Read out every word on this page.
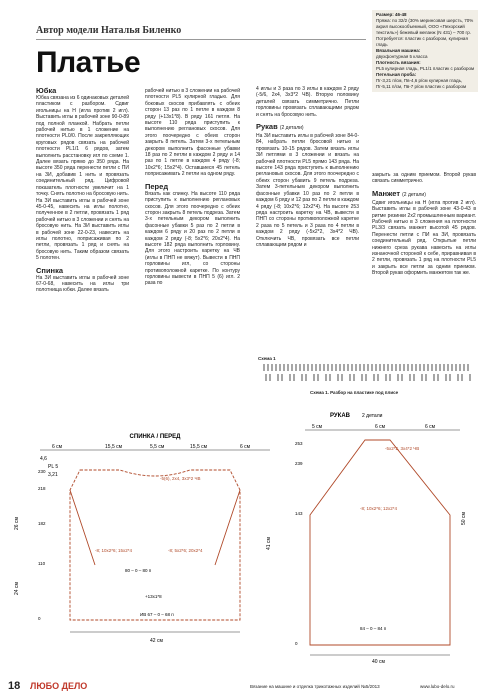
Автор модели Наталья Биленко
Платье

Размер: 46-48

Пряжа: по 32/2 (30% меринсовая шерсть, 70% акрил высокообъемный, ООО «Пехорский текстиль») бежевый меланж (N 431) – 700 гр.

Потребуется: пластик с разбором, кулирная гладь

Вязальная машина:

двухфонтурная 5 класса

Плотность вязания:

PL5 кулирная гладь, PL1/1 пластик с разбором

Петельная проба:

Пг-3,21 п/см, Пв-4,6 р/см кулирная гладь, Пг-5,11 п/см, Пв-7 р/см пластик с разбором

Юбка
Юбка связана из 6 одинаковых деталей пластиком с разбором. Сдвиг игольницы на Н (игла против 2 игл). Выставить иглы в рабочей зоне 90-0-89 под полной планкой. Набрать петли рабочей нитью в 1 сложение на плотности PL0/0. После закрепляющих круговых рядов связать на рабочей плотности PL1/1 6 рядов, затем выполнить расстановку игл по схеме 1. Далее вязать прямо до 350 ряда. На высоте 350 ряда перенести петли с ПИ на ЗИ, добавив 1 нить и провязать соединительный ряд. Цифровой показатель плотности увеличит на 1 точку. Снять полотно на бросовую нить. На ЗИ выставить иглы в рабочей зоне 45-0-45, навесить на иглы полотно, полученное в 2 петли, провязать 1 ряд рабочей нитью в 3 сложении и снять на бросовую нить. На ЗИ выставить иглы в рабочей зоне 22-0-23, навесить на иглы полотно, поприсаживая по 2 петли, провязать 1 ряд и снять на бросовую нить. Таким образом связать 5 полотен.
Спинка
На ЗИ выставить иглы в рабочей зоне 67-0-68, навесить на иглы три полотнища юбки. Далее вязать
рабочей нитью в 3 сложении на рабочей плотности PL5 кулирной гладью. Для боковых скосов прибавлять с обеих сторон 13 раз по 1 петле в каждом 8 ряду (+13х1*8). В ряду 161 петля. На высоте 110 ряда приступить к выполнению реглановых скосов. Для этого поочередно с обеих сторон закрыть 8 петель. Затем 3-х петельным декором выполнить фасонные убавки 18 раз по 2 петли в каждом 2 ряду и 14 раз по 1 петле в каждом 4 ряду (-8; 10х2*6; 15х2*4). Оставшиеся 45 петель поприсаживать 2 петли на одном ряду.
Перед
Вязать как спинку. На высоте 110 ряда приступить к выполнению реглановых скосов. Для этого поочередно с обеих сторон закрыть 8 петель подреза. Затем 3-х петельным декором выполнить фасонные убавки 5 раз по 2 петли в каждом 6 ряду и 20 раз по 2 петли в каждом 2 ряду (-8; 5х2*6; 20х2*4). На высоте 182 ряда выполнить горловину. Для этого настроить каретку на ЧВ (иглы в ПНП не вяжут). Вывести в ПНП горловины игл, со стороны противоположной каретке. По контуру горловины вывести в ПНП 5 (6) игл. 2 раза по
4 иглы и 3 раза по 3 иглы в каждом 2 ряду (-5/6, 2х4, 3х3*2 ЧВ). Вторую половину деталей связать симметрично. Петли горловины провязать сплавающими рядом и снять на бросовую нить.
Рукав (2 детали)
На ЗИ выставить иглы в рабочей зоне 84-0-84, набрать петли бросовой нитью и провязать 10-15 рядов. Затем вязать иглы ЗИ петлями в 3 сложении и вязать на рабочей плотности PL5 прямо 143 ряда. На высоте 143 ряда приступить к выполнению реглановых скосов. Для этого поочередно с обеих сторон убавить 9 петель подреза. Затем 3-петельным декором выполнить фасонные убавки 10 раз по 2 петли в каждом 6 ряду и 12 раз по 2 петли в каждом 4 ряду (-8; 10х2*6; 12х2*4). На высоте 253 ряда настроить каретку на ЧВ, вывести в ПНП со стороны противоположной каретке 2 раза по 5 петель и 3 раза по 4 петли в каждом 2 ряду (-5х2*2, 3х4*2 ЧВ). Отключить ЧВ, провязать все петли сплавающим рядом и
закрыть за одним приемом. Второй рукав связать симметрично.
Манжет (2 детали)
Сдвиг игольницы на Н (игла против 2 игл). Выставить иглы в рабочей зоне 43-0-43 в ритме резинки 2х2 промышленным вариант. Рабочей нитью в 3 сложения на плотности PL3/3 связать манжет высотой 45 рядов. Перенести петли с ПИ на ЗИ, провязать соединительный ряд. Открытые петли нижнего среза рукава навесить на иглы изнаночной стороной к себе, приравнивая в 2 петли, провязать 1 ряд на плотности PL5 и закрыть все петли за одним приемом. Второй рукав оформить манжетом так же.
Схема 1
Схема 1. Разбор на пластике под плисе
СПИНКА / ПЕРЕД
6 см	15,5 см	5,5 см	15,5 см	6 см
4,6
PL 5
3,21
230
218
182
110
0
-5(6), 2х4, 3х3*2 ЧВ
-8; 10х2*6; 15х2*4	-8; 5х2*6; 20х2*4
80 – 0 – 80 п
+13х1*8
ИВ 67 – 0 – 68 п
26 см
24 см
41 см
42 см
РУКАВ 2 детали
5 см	6 см	6 см
-5х2*2, 3х4*2 ЧВ
-8; 10х2*6; 12х2*4
253
239
143
0
50 см
84 – 0 – 84 п
40 см
18 ЛЮБО ДЕЛО	Вязание на машине и отделка трикотажных изделий №5/2013	www.lubo-delo.ru
